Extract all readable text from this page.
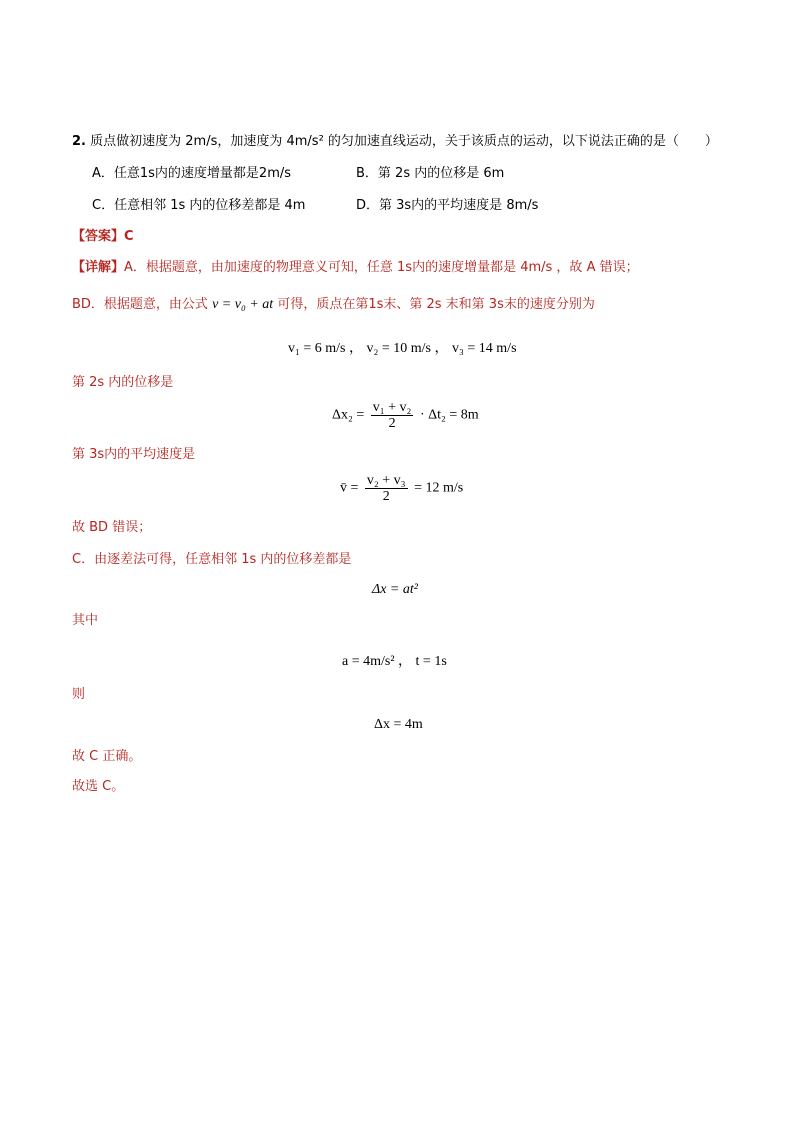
2. 质点做初速度为 2m/s，加速度为 4m/s² 的匀加速直线运动，关于该质点的运动，以下说法正确的是（　　）
A．任意1s内的速度增量都是2m/s	B．第 2s 内的位移是 6m
C．任意相邻 1s 内的位移差都是 4m	D．第 3s内的平均速度是 8m/s
【答案】C
【详解】A．根据题意，由加速度的物理意义可知，任意 1s内的速度增量都是 4m/s ，故 A 错误；
BD．根据题意，由公式 v = v₀ + at 可得，质点在第1s末、第 2s 末和第 3s末的速度分别为
v₁ = 6 m/s ， v₂ = 10 m/s ， v₃ = 14 m/s
第 2s 内的位移是
$\Delta x_2 = \frac{\text{v₁ + v₂}}{2} \cdot \Delta t_2 = 8m$
第 3s内的平均速度是
v̄ = $\frac{\text{v₂ + v₃}}{2} = 12$ m/s
故 BD 错误；
C．由逐差法可得，任意相邻 1s 内的位移差都是
Δx = at²
其中
a = 4m/s² ， t = 1s
则
Δx = 4m
故 C 正确。
故选 C。
